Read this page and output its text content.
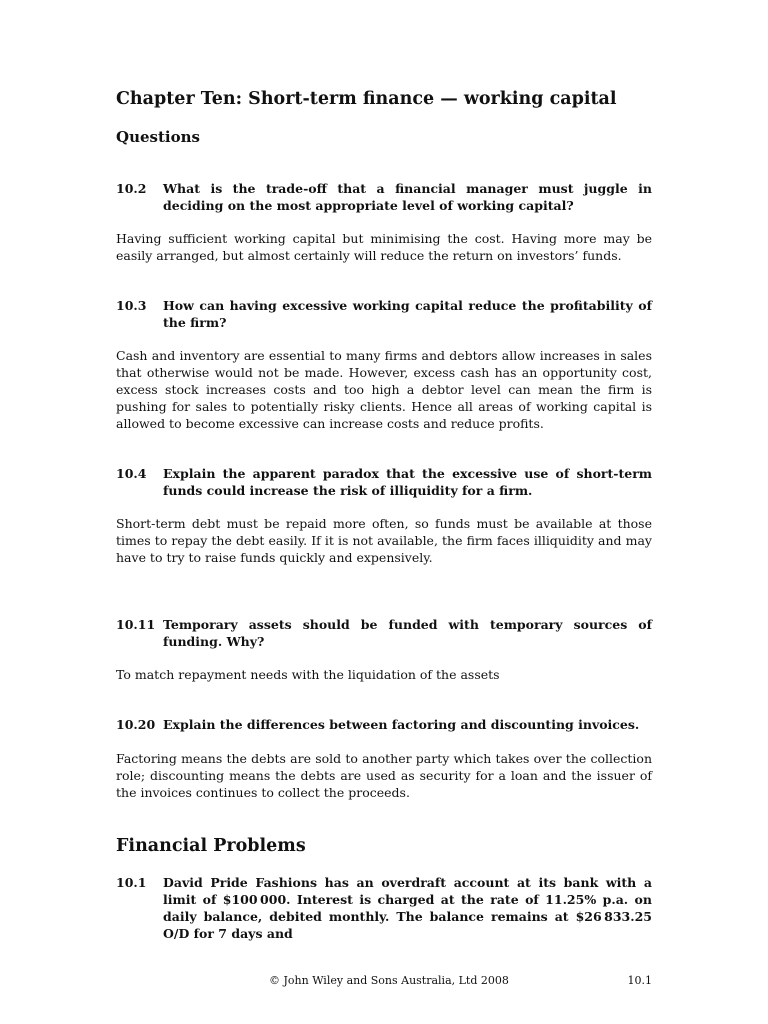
Chapter Ten: Short-term finance — working capital
Questions
10.2 What is the trade-off that a financial manager must juggle in deciding on the most appropriate level of working capital?
Having sufficient working capital but minimising the cost. Having more may be easily arranged, but almost certainly will reduce the return on investors’ funds.
10.3 How can having excessive working capital reduce the profitability of the firm?
Cash and inventory are essential to many firms and debtors allow increases in sales that otherwise would not be made. However, excess cash has an opportunity cost, excess stock increases costs and too high a debtor level can mean the firm is pushing for sales to potentially risky clients. Hence all areas of working capital is allowed to become excessive can increase costs and reduce profits.
10.4 Explain the apparent paradox that the excessive use of short-term funds could increase the risk of illiquidity for a firm.
Short-term debt must be repaid more often, so funds must be available at those times to repay the debt easily. If it is not available, the firm faces illiquidity and may have to try to raise funds quickly and expensively.
10.11 Temporary assets should be funded with temporary sources of funding. Why?
To match repayment needs with the liquidation of the assets
10.20 Explain the differences between factoring and discounting invoices.
Factoring means the debts are sold to another party which takes over the collection role; discounting means the debts are used as security for a loan and the issuer of the invoices continues to collect the proceeds.
Financial Problems
10.1 David Pride Fashions has an overdraft account at its bank with a limit of $100 000. Interest is charged at the rate of 11.25% p.a. on daily balance, debited monthly. The balance remains at $26 833.25 O/D for 7 days and
© John Wiley and Sons Australia, Ltd 2008	10.1
